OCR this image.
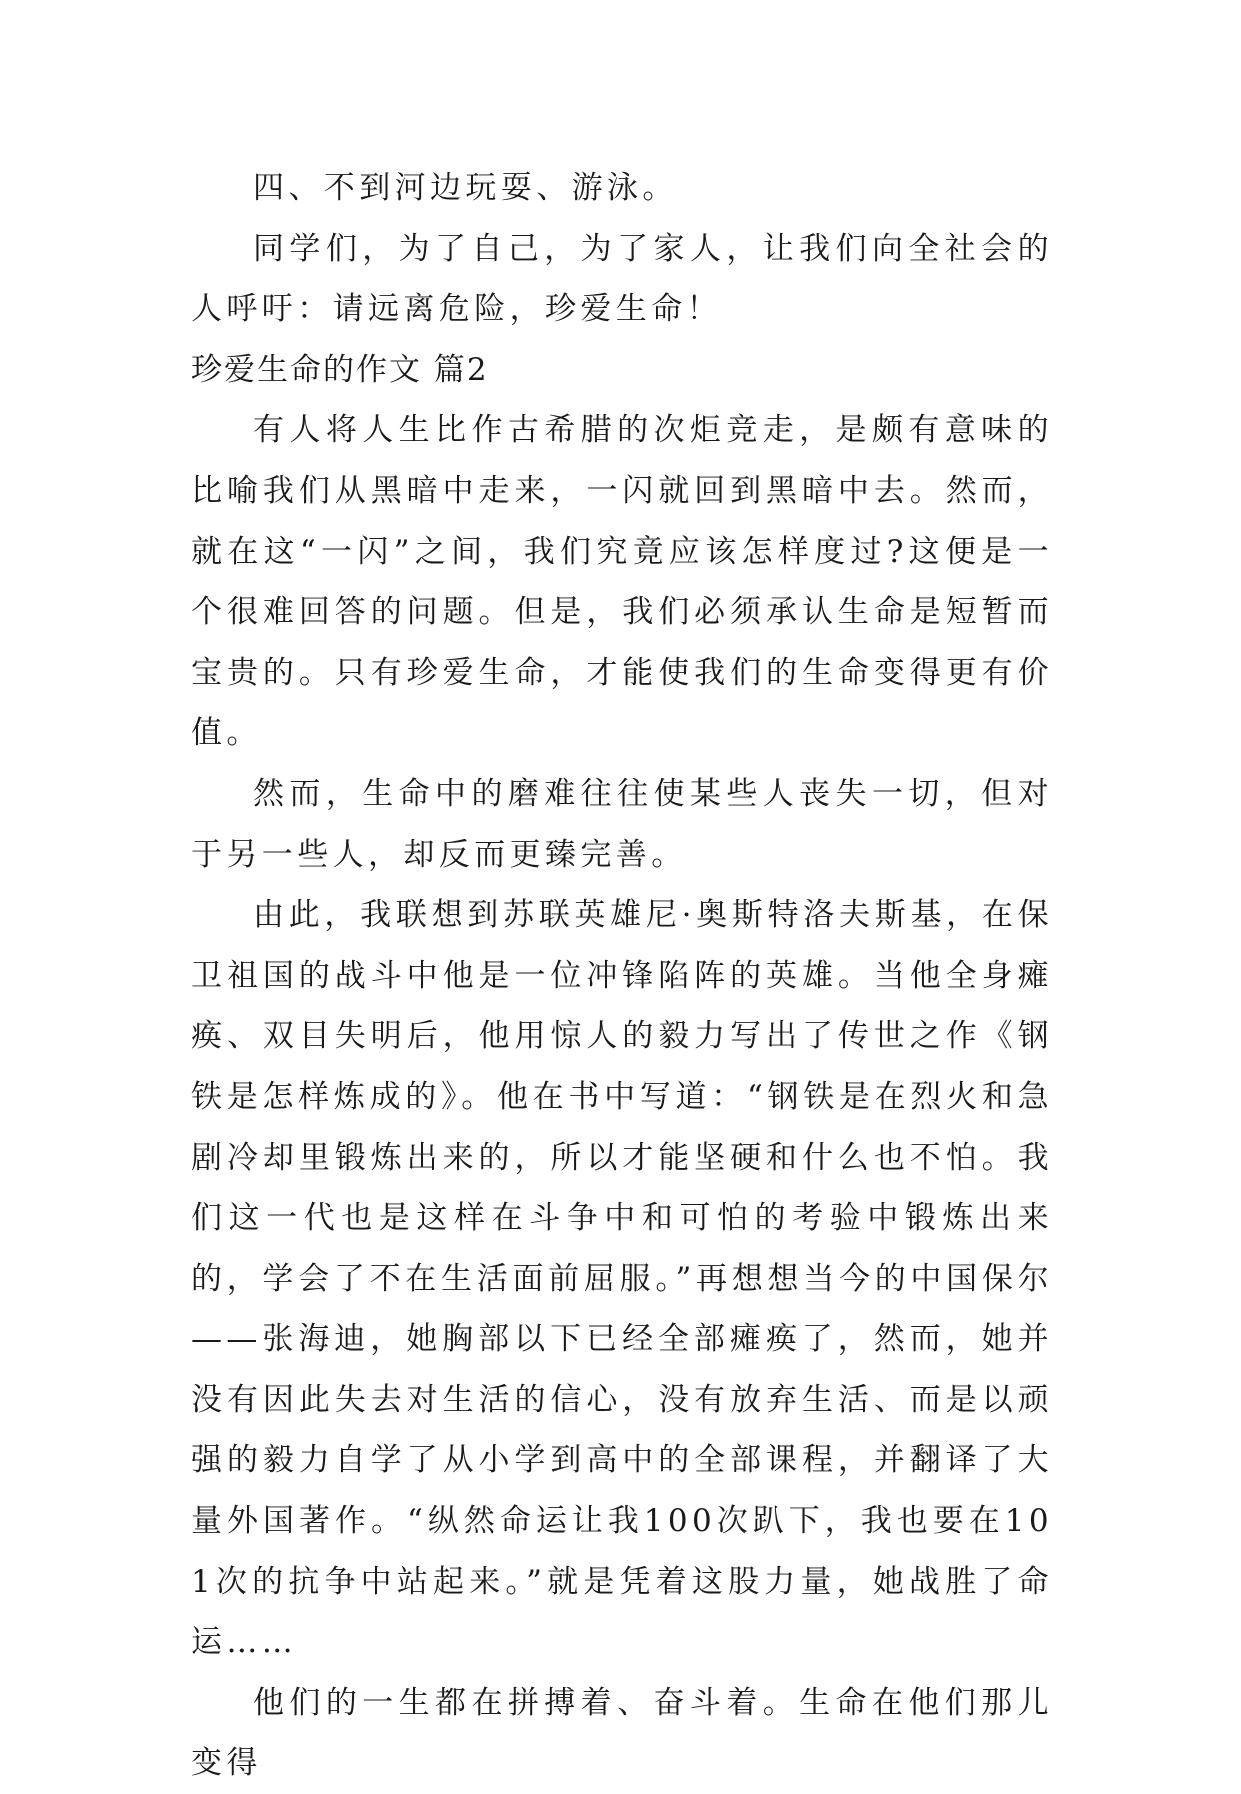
四、不到河边玩耍、游泳。

同学们，为了自己，为了家人，让我们向全社会的人呼吁：请远离危险，珍爱生命！

珍爱生命的作文 篇2

有人将人生比作古希腊的次炬竞走，是颇有意味的比喻我们从黑暗中走来，一闪就回到黑暗中去。然而，就在这“一闪”之间，我们究竟应该怎样度过?这便是一个很难回答的问题。但是，我们必须承认生命是短暂而宝贵的。只有珍爱生命，才能使我们的生命变得更有价值。

然而，生命中的磨难往往使某些人丧失一切，但对于另一些人，却反而更臻完善。

由此，我联想到苏联英雄尼·奥斯特洛夫斯基，在保卫祖国的战斗中他是一位冲锋陷阵的英雄。当他全身瘫痪、双目失明后，他用惊人的毅力写出了传世之作《钢铁是怎样炼成的》。他在书中写道：“钢铁是在烈火和急剧冷却里锻炼出来的，所以才能坚硬和什么也不怕。我们这一代也是这样在斗争中和可怕的考验中锻炼出来的，学会了不在生活面前屈服。”再想想当今的中国保尔——张海迪，她胸部以下已经全部瘫痪了，然而，她并没有因此失去对生活的信心，没有放弃生活、而是以顽强的毅力自学了从小学到高中的全部课程，并翻译了大量外国著作。“纵然命运让我100次趴下，我也要在101次的抗争中站起来。”就是凭着这股力量，她战胜了命运……

他们的一生都在拼搏着、奋斗着。生命在他们那儿变得
